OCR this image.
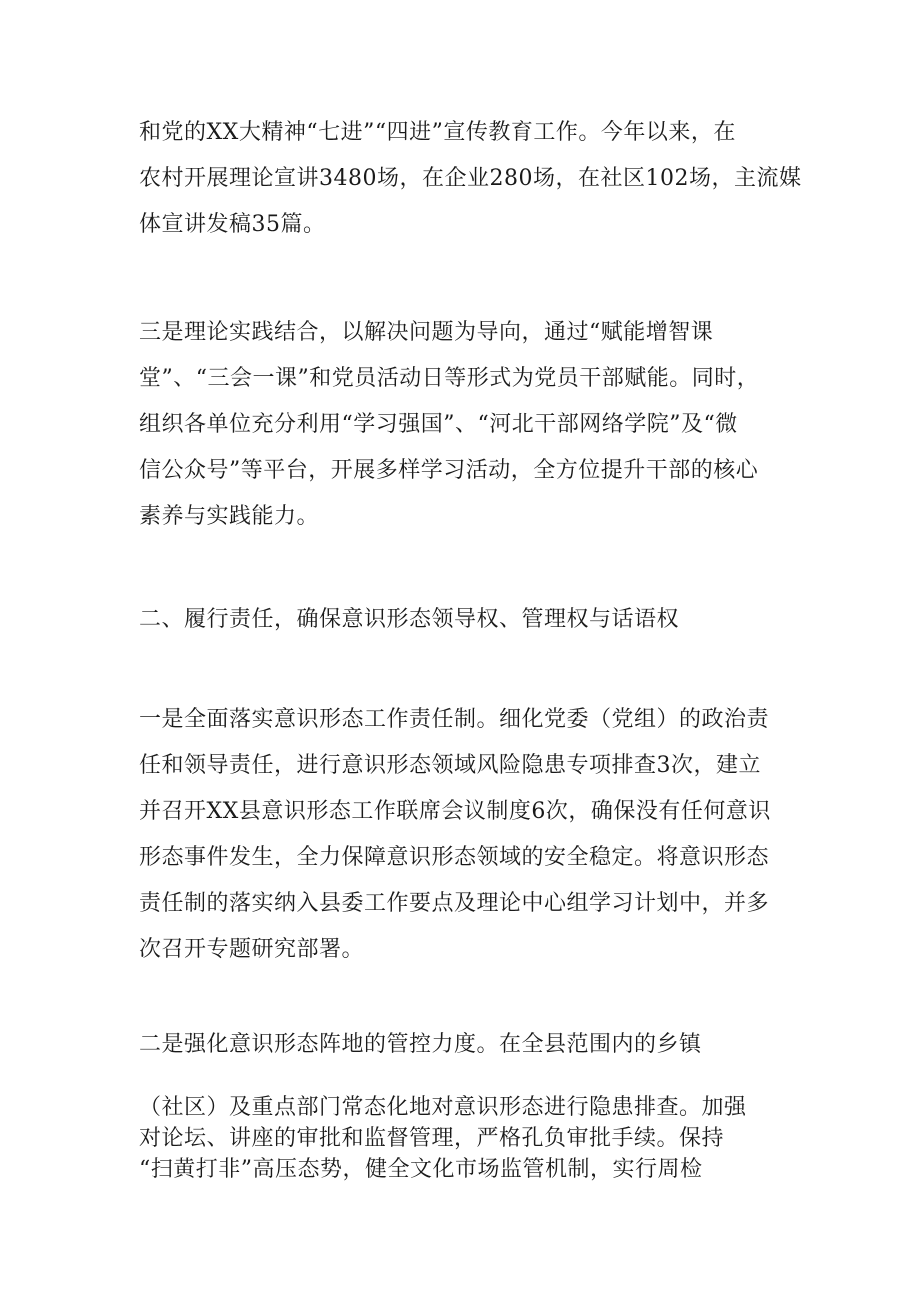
和党的XX大精神“七进”“四进”宣传教育工作。今年以来，在
农村开展理论宣讲3480场，在企业280场，在社区102场，主流媒
体宣讲发稿35篇。
三是理论实践结合，以解决问题为导向，通过“赋能增智课
堂”、“三会一课”和党员活动日等形式为党员干部赋能。同时，
组织各单位充分利用“学习强国”、“河北干部网络学院”及“微
信公众号”等平台，开展多样学习活动，全方位提升干部的核心
素养与实践能力。
二、履行责任，确保意识形态领导权、管理权与话语权
一是全面落实意识形态工作责任制。细化党委（党组）的政治责
任和领导责任，进行意识形态领域风险隐患专项排查3次，建立
并召开XX县意识形态工作联席会议制度6次，确保没有任何意识
形态事件发生，全力保障意识形态领域的安全稳定。将意识形态
责任制的落实纳入县委工作要点及理论中心组学习计划中，并多
次召开专题研究部署。
二是强化意识形态阵地的管控力度。在全县范围内的乡镇
（社区）及重点部门常态化地对意识形态进行隐患排查。加强
对论坛、讲座的审批和监督管理，严格孔负审批手续。保持
“扫黄打非”高压态势，健全文化市场监管机制，实行周检
